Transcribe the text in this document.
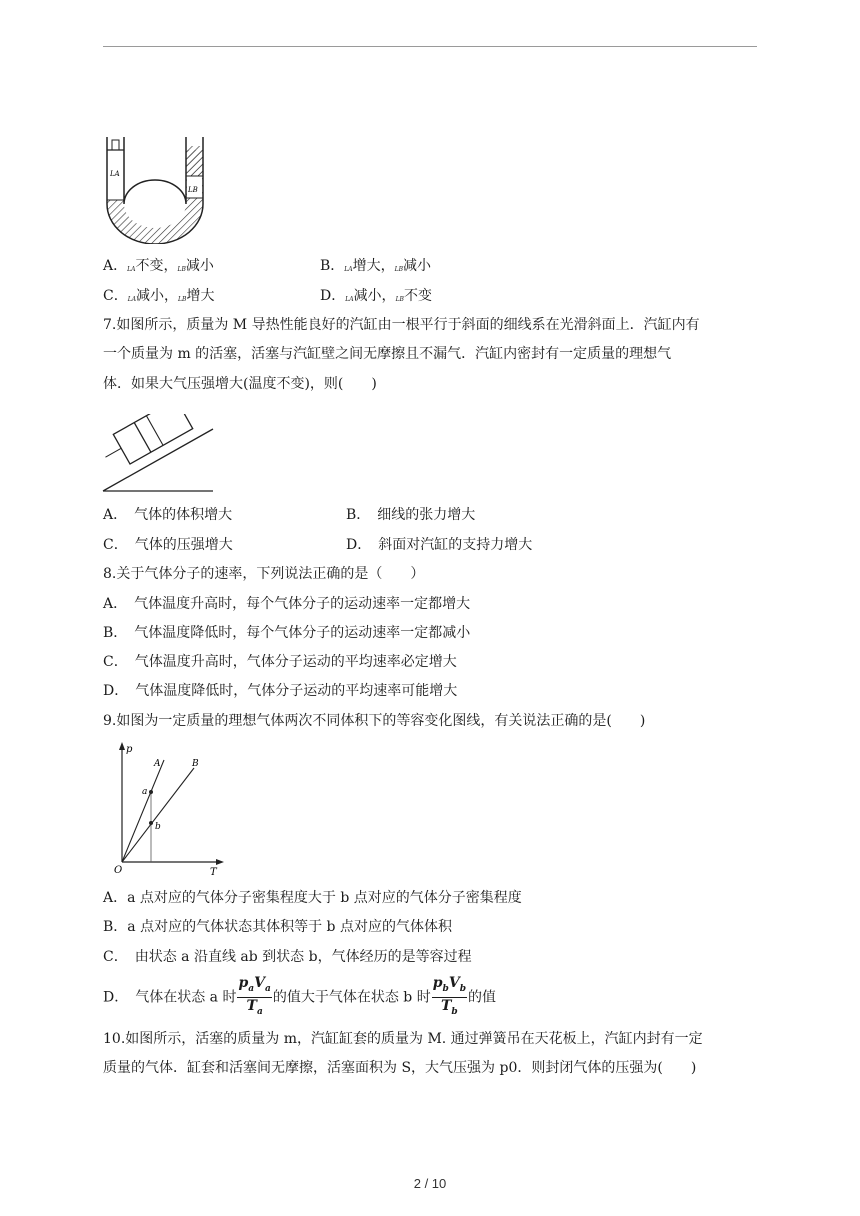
LA
LB
A．LA不变，LB减小	B．LA增大，LB减小
C．LA减小，LB增大	D．LA减小，LB不变
7.如图所示，质量为 M 导热性能良好的汽缸由一根平行于斜面的细线系在光滑斜面上．汽缸内有
一个质量为 m 的活塞，活塞与汽缸壁之间无摩擦且不漏气．汽缸内密封有一定质量的理想气
体．如果大气压强增大(温度不变)，则(　　)
A．　气体的体积增大	B．　细线的张力增大
C．　气体的压强增大	D．　斜面对汽缸的支持力增大
8.关于气体分子的速率，下列说法正确的是（　　）
A．　气体温度升高时，每个气体分子的运动速率一定都增大
B．　气体温度降低时，每个气体分子的运动速率一定都减小
C．　气体温度升高时，气体分子运动的平均速率必定增大
D．　气体温度降低时，气体分子运动的平均速率可能增大
9.如图为一定质量的理想气体两次不同体积下的等容变化图线，有关说法正确的是(　　)
p
T
O
A	B
a
b
A．a 点对应的气体分子密集程度大于 b 点对应的气体分子密集程度
B．a 点对应的气体状态其体积等于 b 点对应的气体体积
C．　由状态 a 沿直线 ab 到状态 b，气体经历的是等容过程
D．　气体在状态 a 时 $\frac{p_aV_a}{T_a}$ 的值大于气体在状态 b 时 $\frac{p_bV_b}{T_b}$ 的值
10.如图所示，活塞的质量为 m，汽缸缸套的质量为 M. 通过弹簧吊在天花板上，汽缸内封有一定
质量的气体．缸套和活塞间无摩擦，活塞面积为 S，大气压强为 p0．则封闭气体的压强为(　　)
2 / 10
